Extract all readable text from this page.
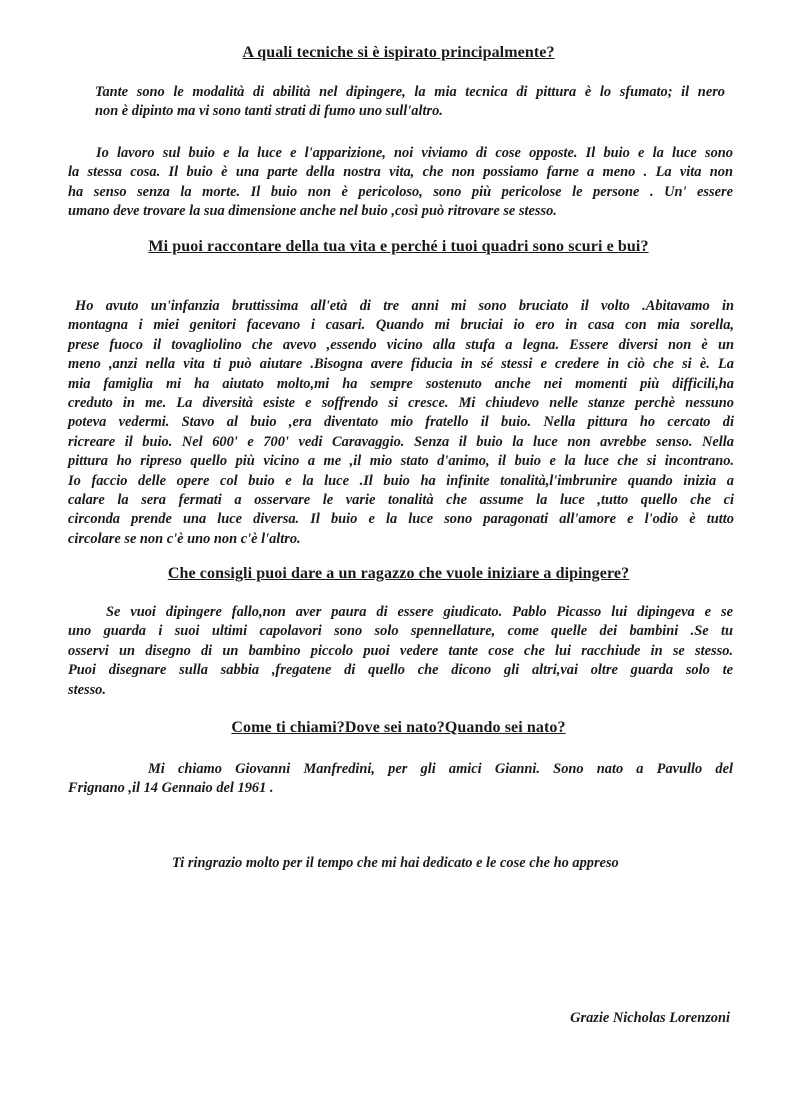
A quali tecniche si è ispirato principalmente?
Tante sono le modalità di abilità nel dipingere, la mia tecnica di pittura è lo sfumato; il nero
non è dipinto ma vi sono tanti strati di fumo uno sull'altro.
Io lavoro sul buio e la luce e l'apparizione, noi viviamo di cose opposte. Il buio e la luce sono
la stessa cosa. Il buio è una parte della nostra vita, che non possiamo farne a meno . La vita non
ha senso senza la morte. Il buio non è pericoloso, sono più pericolose le persone . Un' essere
umano deve trovare la sua dimensione anche nel buio ,così può ritrovare se stesso.
Mi puoi raccontare della tua vita e perché i tuoi quadri sono scuri e bui?
Ho avuto un'infanzia bruttissima all'età di tre anni mi sono bruciato il volto .Abitavamo in
montagna i miei genitori facevano i casari. Quando mi bruciai io ero in casa con mia sorella,
prese fuoco il tovagliolino che avevo ,essendo vicino alla stufa a legna. Essere diversi non è un
meno ,anzi nella vita ti può aiutare .Bisogna avere fiducia in sé stessi e credere in ciò che si è. La
mia famiglia mi ha aiutato molto,mi ha sempre sostenuto anche nei momenti più difficili,ha
creduto in me. La diversità esiste e soffrendo si cresce. Mi chiudevo nelle stanze perchè nessuno
poteva vedermi. Stavo al buio ,era diventato mio fratello il buio. Nella pittura ho cercato di
ricreare il buio. Nel 600' e 700' vedi Caravaggio. Senza il buio la luce non avrebbe senso. Nella
pittura ho ripreso quello più vicino a me ,il mio stato d'animo, il buio e la luce che si incontrano.
Io faccio delle opere col buio e la luce .Il buio ha infinite tonalità,l'imbrunire quando inizia a
calare la sera fermati a osservare le varie tonalità che assume la luce ,tutto quello che ci
circonda prende una luce diversa. Il buio e la luce sono paragonati all'amore e l'odio è tutto
circolare se non c'è uno non c'è l'altro.
Che consigli puoi dare a un ragazzo che vuole iniziare a dipingere?
Se vuoi dipingere fallo,non aver paura di essere giudicato. Pablo Picasso lui dipingeva e se
uno guarda i suoi ultimi capolavori sono solo spennellature, come quelle dei bambini .Se tu
osservi un disegno di un bambino piccolo puoi vedere tante cose che lui racchiude in se stesso.
Puoi disegnare sulla sabbia ,fregatene di quello che dicono gli altri,vai oltre guarda solo te
stesso.
Come ti chiami?Dove sei nato?Quando sei nato?
Mi chiamo Giovanni Manfredini, per gli amici Gianni. Sono nato a Pavullo del
Frignano ,il 14 Gennaio del 1961 .
Ti ringrazio molto per il tempo che mi hai dedicato e le cose che ho appreso
Grazie Nicholas Lorenzoni
